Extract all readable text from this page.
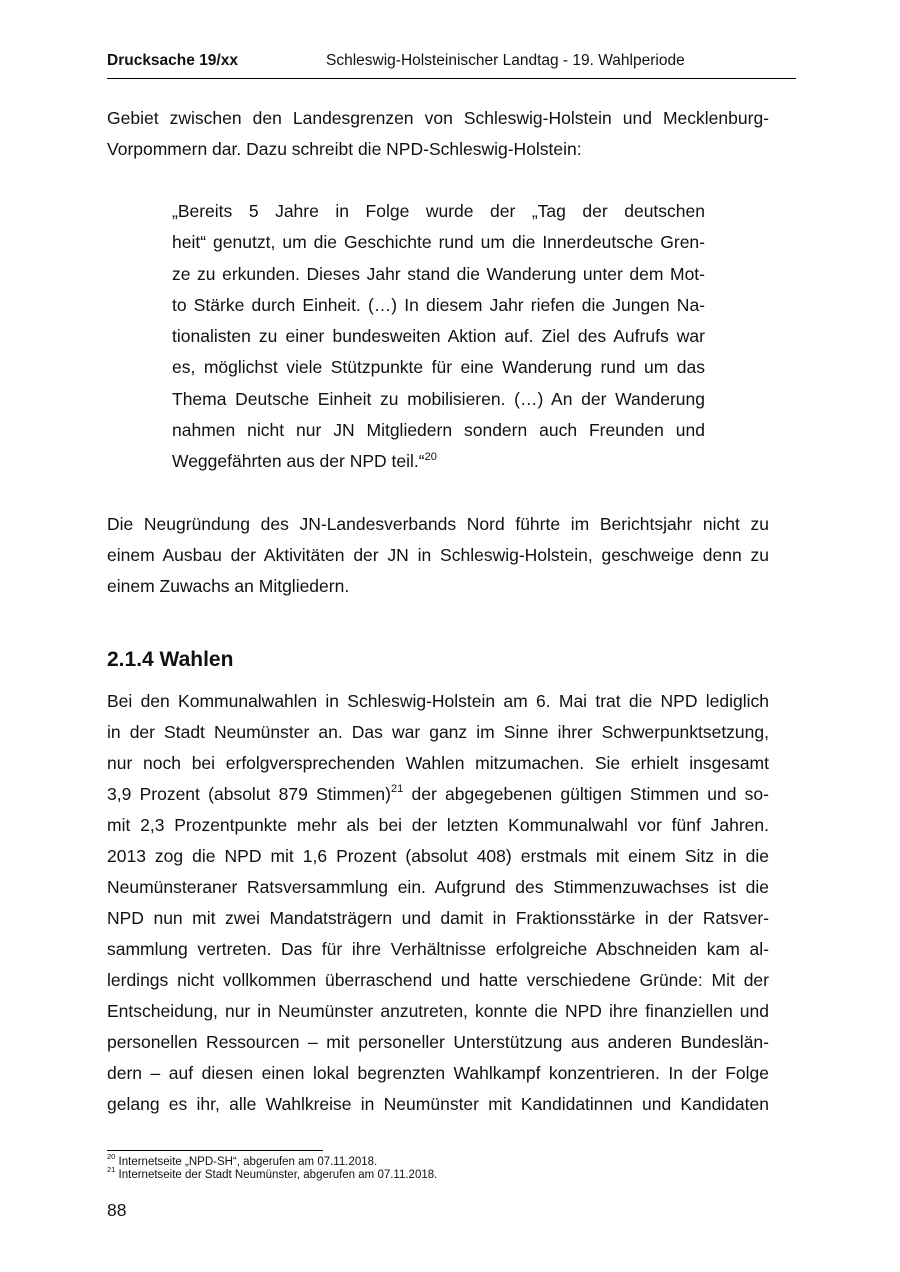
Drucksache 19/xx	Schleswig-Holsteinischer Landtag - 19. Wahlperiode
Gebiet zwischen den Landesgrenzen von Schleswig-Holstein und Mecklenburg-
Vorpommern dar. Dazu schreibt die NPD-Schleswig-Holstein:
„Bereits 5 Jahre in Folge wurde der „Tag der deutschen
heit“ genutzt, um die Geschichte rund um die Innerdeutsche Gren-
ze zu erkunden. Dieses Jahr stand die Wanderung unter dem Mot-
to Stärke durch Einheit. (…) In diesem Jahr riefen die Jungen Na-
tionalisten zu einer bundesweiten Aktion auf. Ziel des Aufrufs war
es, möglichst viele Stützpunkte für eine Wanderung rund um das
Thema Deutsche Einheit zu mobilisieren. (…) An der Wanderung
nahmen nicht nur JN Mitgliedern sondern auch Freunden und
Weggefährten aus der NPD teil.“$^{20}$
Die Neugründung des JN-Landesverbands Nord führte im Berichtsjahr nicht zu
einem Ausbau der Aktivitäten der JN in Schleswig-Holstein, geschweige denn zu
einem Zuwachs an Mitgliedern.
2.1.4 Wahlen
Bei den Kommunalwahlen in Schleswig-Holstein am 6. Mai trat die NPD lediglich
in der Stadt Neumünster an. Das war ganz im Sinne ihrer Schwerpunktsetzung,
nur noch bei erfolgversprechenden Wahlen mitzumachen. Sie erhielt insgesamt
3,9 Prozent (absolut 879 Stimmen)$^{21}$ der abgegebenen gültigen Stimmen und so-
mit 2,3 Prozentpunkte mehr als bei der letzten Kommunalwahl vor fünf Jahren.
2013 zog die NPD mit 1,6 Prozent (absolut 408) erstmals mit einem Sitz in die
Neumünsteraner Ratsversammlung ein. Aufgrund des Stimmenzuwachses ist die
NPD nun mit zwei Mandatsträgern und damit in Fraktionsstärke in der Ratsver-
sammlung vertreten. Das für ihre Verhältnisse erfolgreiche Abschneiden kam al-
lerdings nicht vollkommen überraschend und hatte verschiedene Gründe: Mit der
Entscheidung, nur in Neumünster anzutreten, konnte die NPD ihre finanziellen und
personellen Ressourcen – mit personeller Unterstützung aus anderen Bundeslän-
dern – auf diesen einen lokal begrenzten Wahlkampf konzentrieren. In der Folge
gelang es ihr, alle Wahlkreise in Neumünster mit Kandidatinnen und Kandidaten
$^{20}$ Internetseite „NPD-SH“, abgerufen am 07.11.2018.
$^{21}$ Internetseite der Stadt Neumünster, abgerufen am 07.11.2018.
88
